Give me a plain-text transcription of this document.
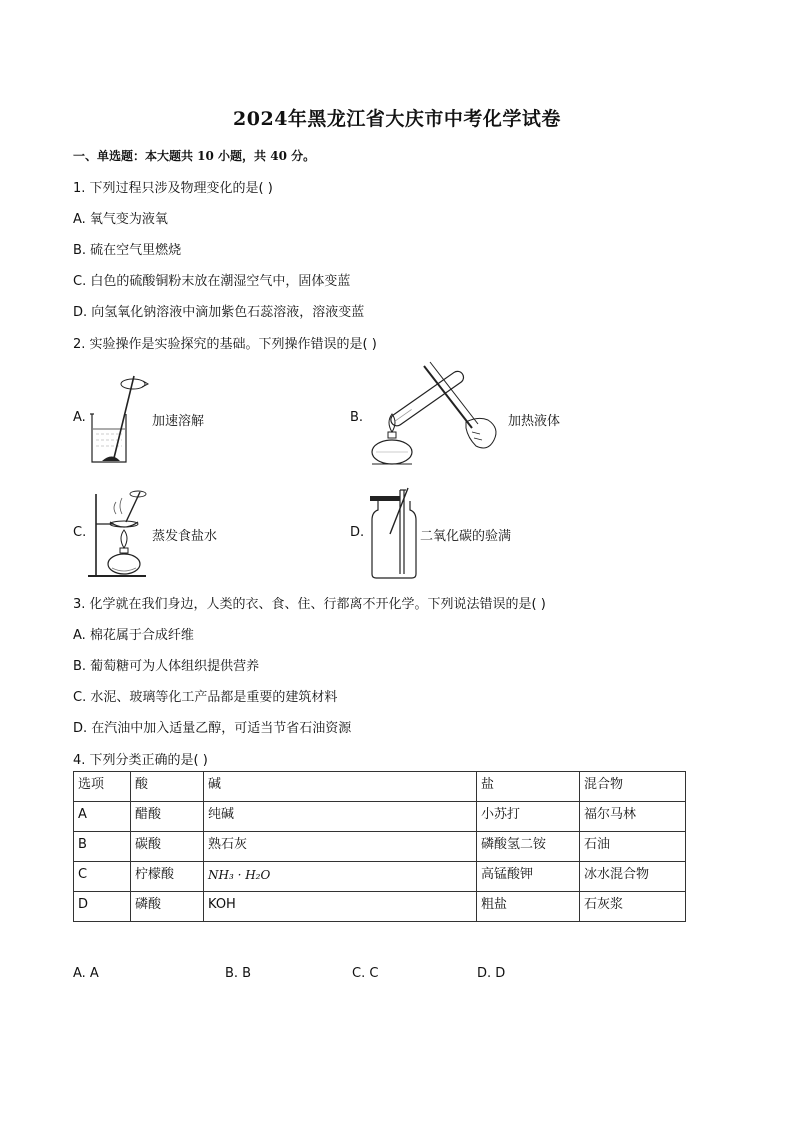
2024年黑龙江省大庆市中考化学试卷
一、单选题：本大题共 10 小题，共 40 分。
1. 下列过程只涉及物理变化的是( )
A. 氧气变为液氧
B. 硫在空气里燃烧
C. 白色的硫酸铜粉末放在潮湿空气中，固体变蓝
D. 向氢氧化钠溶液中滴加紫色石蕊溶液，溶液变蓝
2. 实验操作是实验探究的基础。下列操作错误的是( )
A.	加速溶解	B.	加热液体
C.	蒸发食盐水	D.	二氧化碳的验满
3. 化学就在我们身边，人类的衣、食、住、行都离不开化学。下列说法错误的是( )
A. 棉花属于合成纤维
B. 葡萄糖可为人体组织提供营养
C. 水泥、玻璃等化工产品都是重要的建筑材料
D. 在汽油中加入适量乙醇，可适当节省石油资源
4. 下列分类正确的是( )
选项	酸	碱	盐	混合物
A	醋酸	纯碱	小苏打	福尔马林
B	碳酸	熟石灰	磷酸氢二铵	石油
C	柠檬酸	NH₃ · H₂O	高锰酸钾	冰水混合物
D	磷酸	KOH	粗盐	石灰浆
A. A	B. B	C. C	D. D
